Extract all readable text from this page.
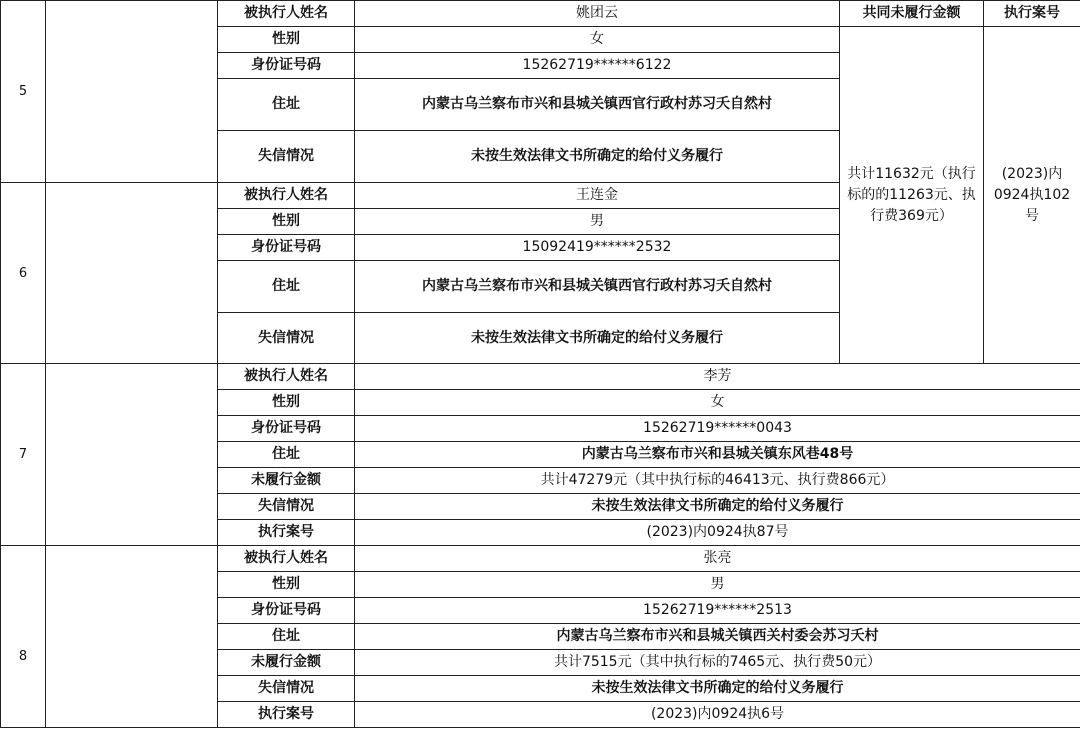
5		被执行人姓名	姚团云	共同未履行金额	执行案号
		性别	女	共计11632元（执行标的的11263元、执行费369元）	(2023)内0924执102号
		身份证号码	15262719******6122		
		住址	内蒙古乌兰察布市兴和县城关镇西官行政村苏习夭自然村		
		失信情况	未按生效法律文书所确定的给付义务履行		
6		被执行人姓名	王连金		
		性别	男		
		身份证号码	15092419******2532		
		住址	内蒙古乌兰察布市兴和县城关镇西官行政村苏习夭自然村		
		失信情况	未按生效法律文书所确定的给付义务履行		
7		被执行人姓名	李芳		
		性别	女		
		身份证号码	15262719******0043		
		住址	内蒙古乌兰察布市兴和县城关镇东风巷48号		
		未履行金额	共计47279元（其中执行标的46413元、执行费866元）		
		失信情况	未按生效法律文书所确定的给付义务履行		
		执行案号	(2023)内0924执87号		
8		被执行人姓名	张亮		
		性别	男		
		身份证号码	15262719******2513		
		住址	内蒙古乌兰察布市兴和县城关镇西关村委会苏习夭村		
		未履行金额	共计7515元（其中执行标的7465元、执行费50元）		
		失信情况	未按生效法律文书所确定的给付义务履行		
		执行案号	(2023)内0924执6号		
